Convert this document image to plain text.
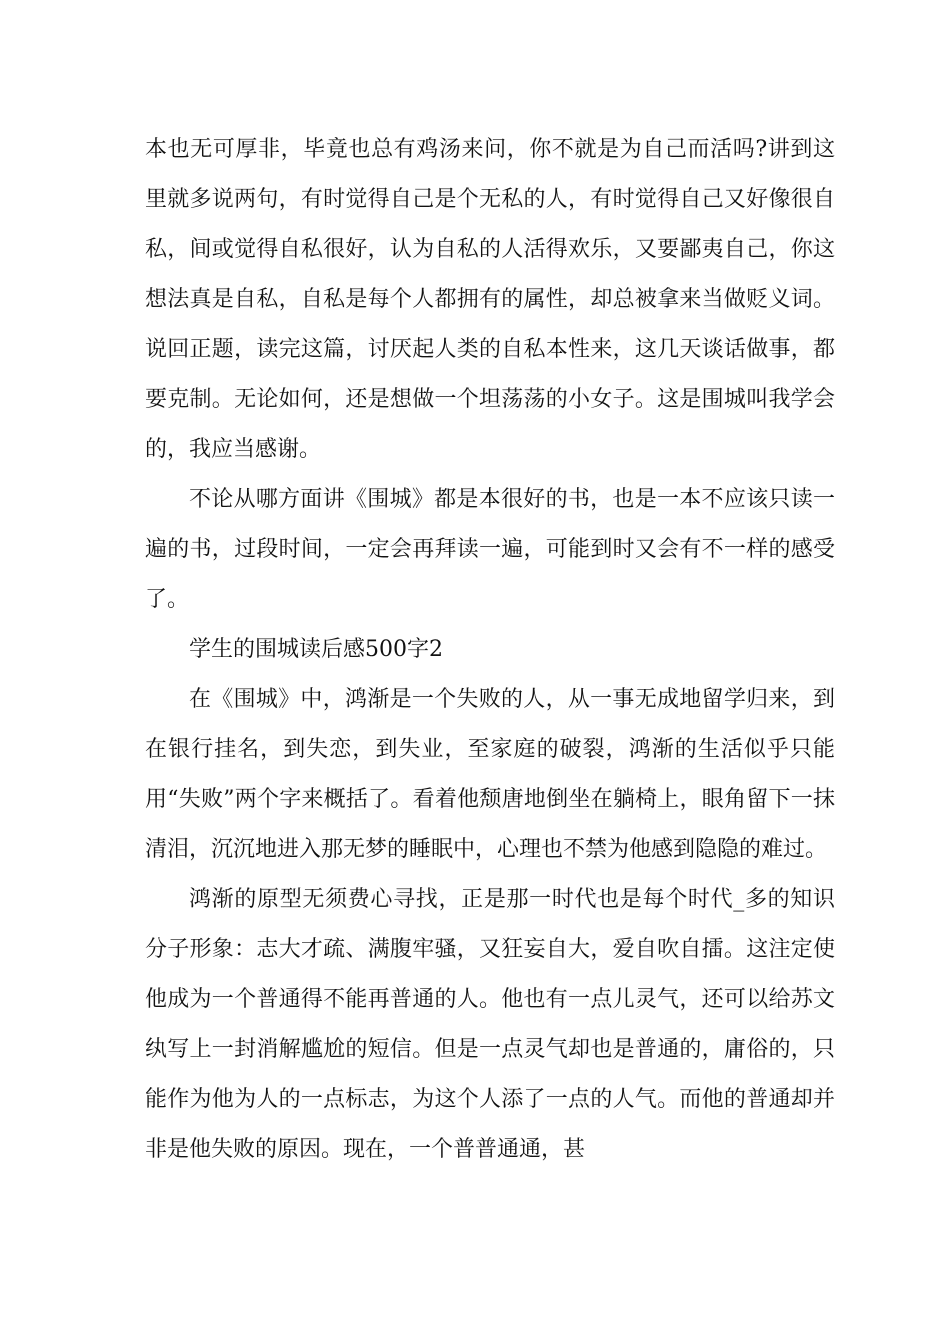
本也无可厚非，毕竟也总有鸡汤来问，你不就是为自己而活吗?讲到这里就多说两句，有时觉得自己是个无私的人，有时觉得自己又好像很自私，间或觉得自私很好，认为自私的人活得欢乐，又要鄙夷自己，你这想法真是自私，自私是每个人都拥有的属性，却总被拿来当做贬义词。说回正题，读完这篇，讨厌起人类的自私本性来，这几天谈话做事，都要克制。无论如何，还是想做一个坦荡荡的小女子。这是围城叫我学会的，我应当感谢。

不论从哪方面讲《围城》都是本很好的书，也是一本不应该只读一遍的书，过段时间，一定会再拜读一遍，可能到时又会有不一样的感受了。

学生的围城读后感500字2

在《围城》中，鸿渐是一个失败的人，从一事无成地留学归来，到在银行挂名，到失恋，到失业，至家庭的破裂，鸿渐的生活似乎只能用“失败”两个字来概括了。看着他颓唐地倒坐在躺椅上，眼角留下一抹清泪，沉沉地进入那无梦的睡眠中，心理也不禁为他感到隐隐的难过。

鸿渐的原型无须费心寻找，正是那一时代也是每个时代_多的知识分子形象：志大才疏、满腹牢骚，又狂妄自大，爱自吹自擂。这注定使他成为一个普通得不能再普通的人。他也有一点儿灵气，还可以给苏文纨写上一封消解尴尬的短信。但是一点灵气却也是普通的，庸俗的，只能作为他为人的一点标志，为这个人添了一点的人气。而他的普通却并非是他失败的原因。现在，一个普普通通，甚
